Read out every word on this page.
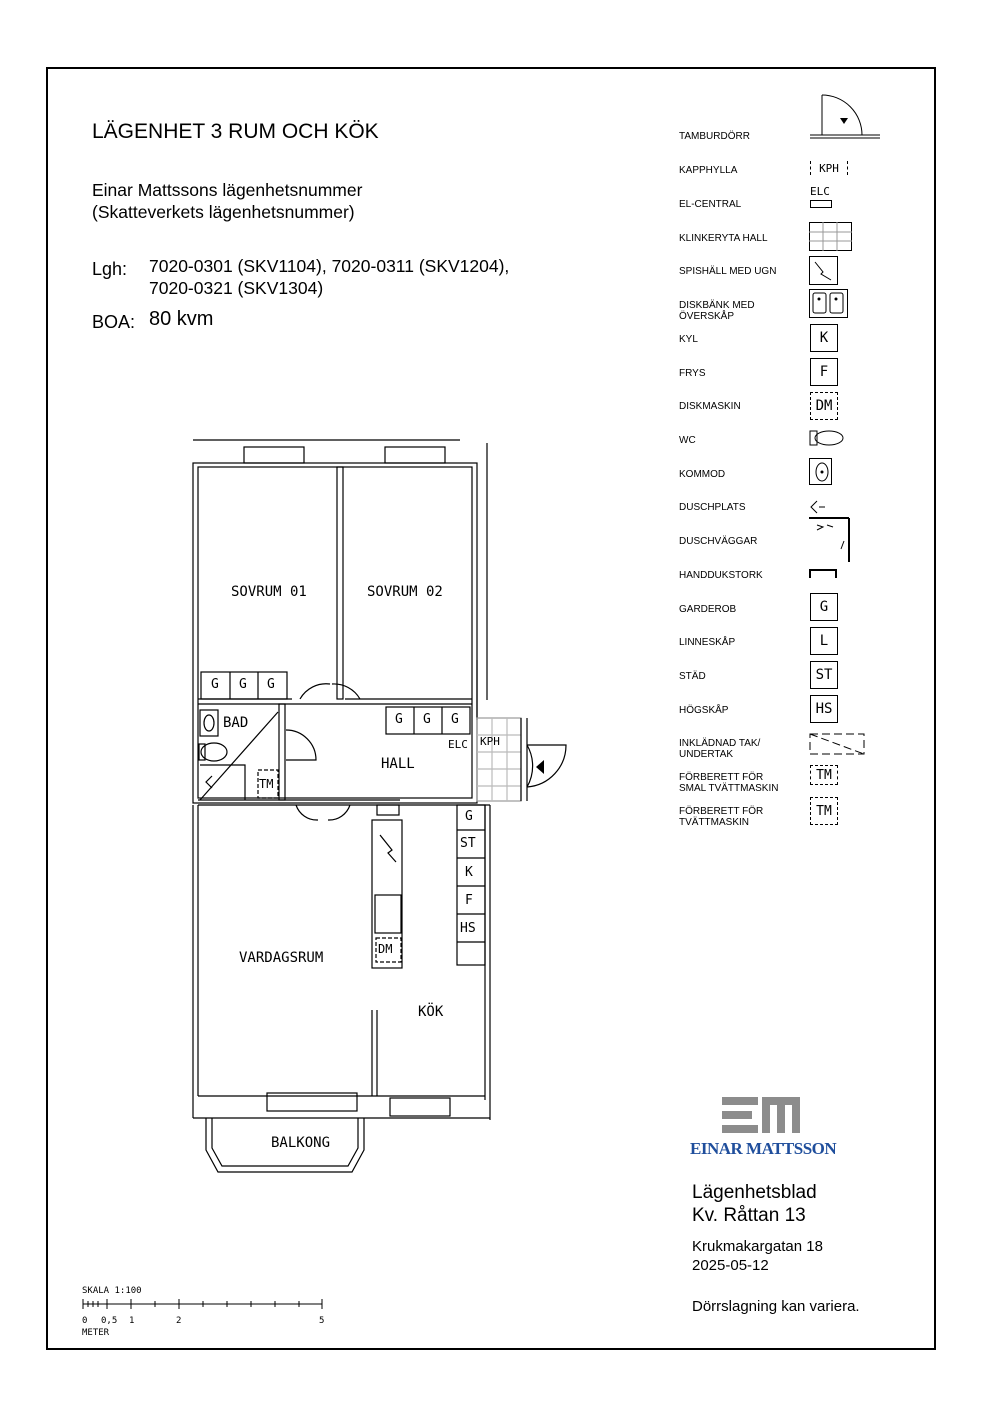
LÄGENHET 3 RUM OCH KÖK
Einar Mattssons lägenhetsnummer
(Skatteverkets lägenhetsnummer)
Lgh: 7020-0301 (SKV1104), 7020-0311 (SKV1204),
7020-0321 (SKV1304)
BOA: 80 kvm
TAMBURDÖRR
KAPPHYLLA
EL-CENTRAL
KLINKERYTA HALL
SPISHÄLL MED UGN
DISKBÄNK MED
ÖVERSKÅP
KYL
FRYS
DISKMASKIN
WC
KOMMOD
DUSCHPLATS
DUSCHVÄGGAR
HANDDUKSTORK
GARDEROB
LINNESKÅP
STÄD
HÖGSKÅP
INKLÄDNAD TAK/
UNDERTAK
FÖRBERETT FÖR
SMAL TVÄTTMASKIN
FÖRBERETT FÖR
TVÄTTMASKIN
KPH
ELC
K
F
DM
G
L
ST
HS
TM
TM
SOVRUM 01	SOVRUM 02
BAD
HALL
VARDAGSRUM
KÖK
BALKONG
G G G
G G G
TM
ELC KPH
G
ST
K
F
HS
DM
SKALA 1:100
0 0,5 1	2	5
METER
EINAR MATTSSON
Lägenhetsblad
Kv. Råttan 13
Krukmakargatan 18
2025-05-12
Dörrslagning kan variera.
